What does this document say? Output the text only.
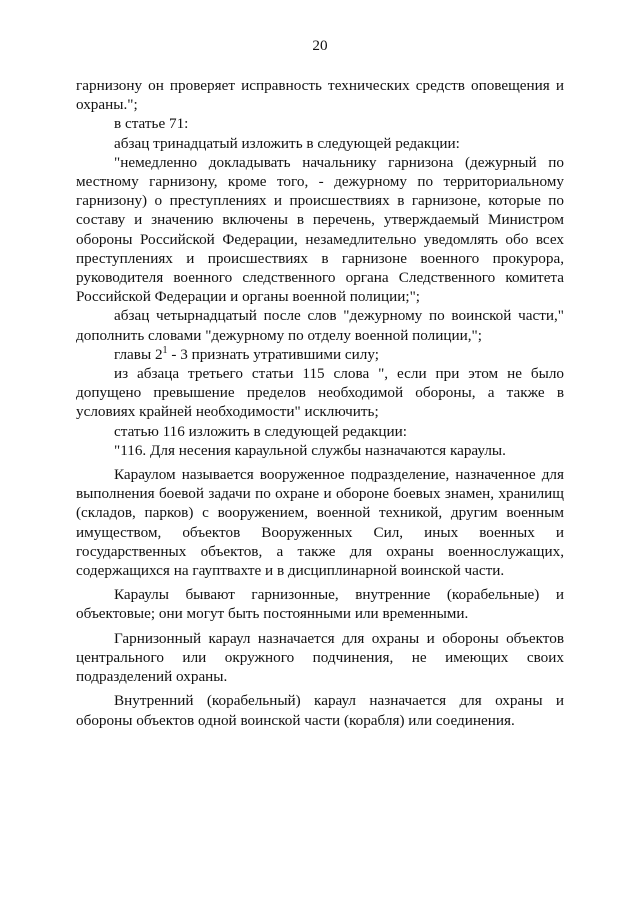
20

гарнизону он проверяет исправность технических средств оповещения и охраны.";

в статье 71:

абзац тринадцатый изложить в следующей редакции:

"немедленно докладывать начальнику гарнизона (дежурный по местному гарнизону, кроме того, - дежурному по территориальному гарнизону) о преступлениях и происшествиях в гарнизоне, которые по составу и значению включены в перечень, утверждаемый Министром обороны Российской Федерации, незамедлительно уведомлять обо всех преступлениях и происшествиях в гарнизоне военного прокурора, руководителя военного следственного органа Следственного комитета Российской Федерации и органы военной полиции;";

абзац четырнадцатый после слов "дежурному по воинской части," дополнить словами "дежурному по отделу военной полиции,";

главы $2^1 - 3$ признать утратившими силу;

из абзаца третьего статьи 115 слова ", если при этом не было допущено превышение пределов необходимой обороны, а также в условиях крайней необходимости" исключить;

статью 116 изложить в следующей редакции:

"116. Для несения караульной службы назначаются караулы.

Караулом называется вооруженное подразделение, назначенное для выполнения боевой задачи по охране и обороне боевых знамен, хранилищ (складов, парков) с вооружением, военной техникой, другим военным имуществом, объектов Вооруженных Сил, иных военных и государственных объектов, а также для охраны военнослужащих, содержащихся на гауптвахте и в дисциплинарной воинской части.

Караулы бывают гарнизонные, внутренние (корабельные) и объектовые; они могут быть постоянными или временными.

Гарнизонный караул назначается для охраны и обороны объектов центрального или окружного подчинения, не имеющих своих подразделений охраны.

Внутренний (корабельный) караул назначается для охраны и обороны объектов одной воинской части (корабля) или соединения.
